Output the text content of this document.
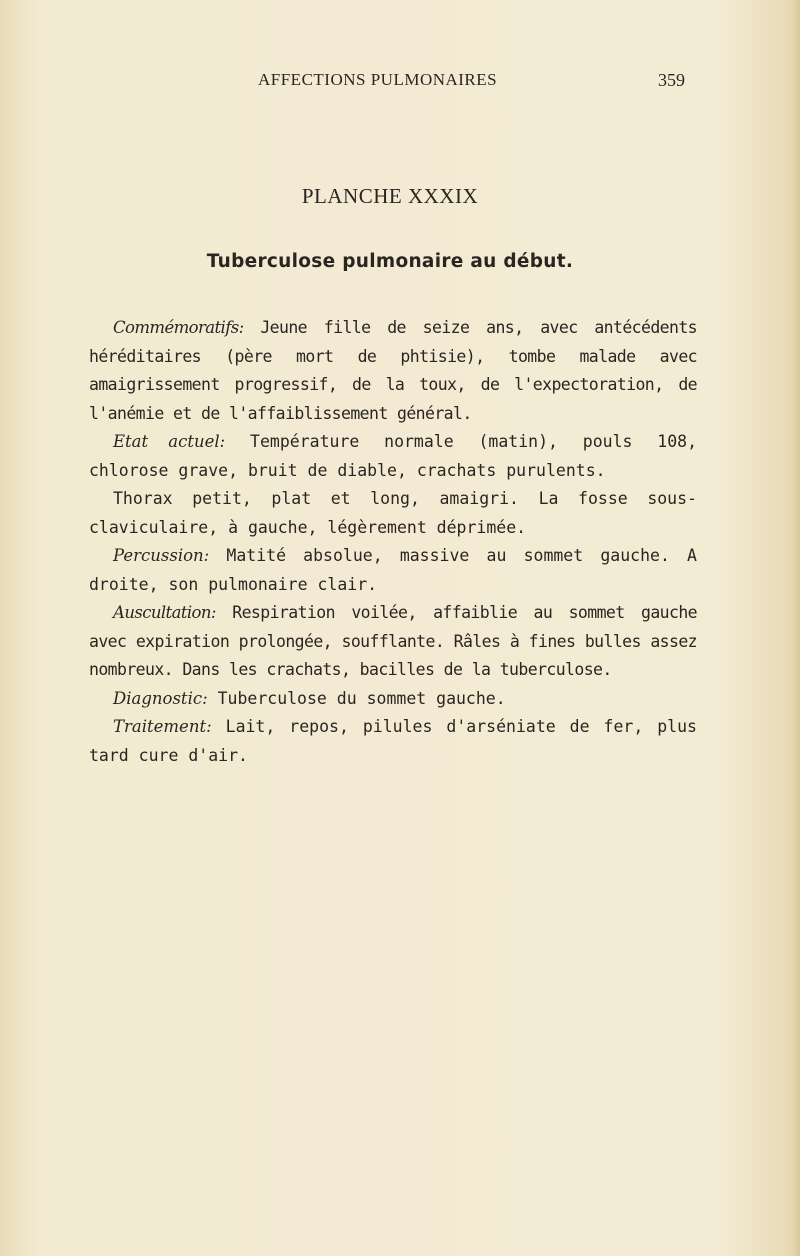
AFFECTIONS PULMONAIRES	359
PLANCHE XXXIX
Tuberculose pulmonaire au début.

Commémoratifs: Jeune fille de seize ans, avec antécédents héréditaires (père mort de phtisie), tombe malade avec amaigrissement progressif, de la toux, de l'expectoration, de l'anémie et de l'affaiblissement général.

Etat actuel: Température normale (matin), pouls 108, chlorose grave, bruit de diable, crachats purulents.

Thorax petit, plat et long, amaigri. La fosse sous-claviculaire, à gauche, légèrement déprimée.

Percussion: Matité absolue, massive au sommet gauche. A droite, son pulmonaire clair.

Auscultation: Respiration voilée, affaiblie au sommet gauche avec expiration prolongée, soufflante. Râles à fines bulles assez nombreux. Dans les crachats, bacilles de la tuberculose.

Diagnostic: Tuberculose du sommet gauche.

Traitement: Lait, repos, pilules d'arséniate de fer, plus tard cure d'air.
